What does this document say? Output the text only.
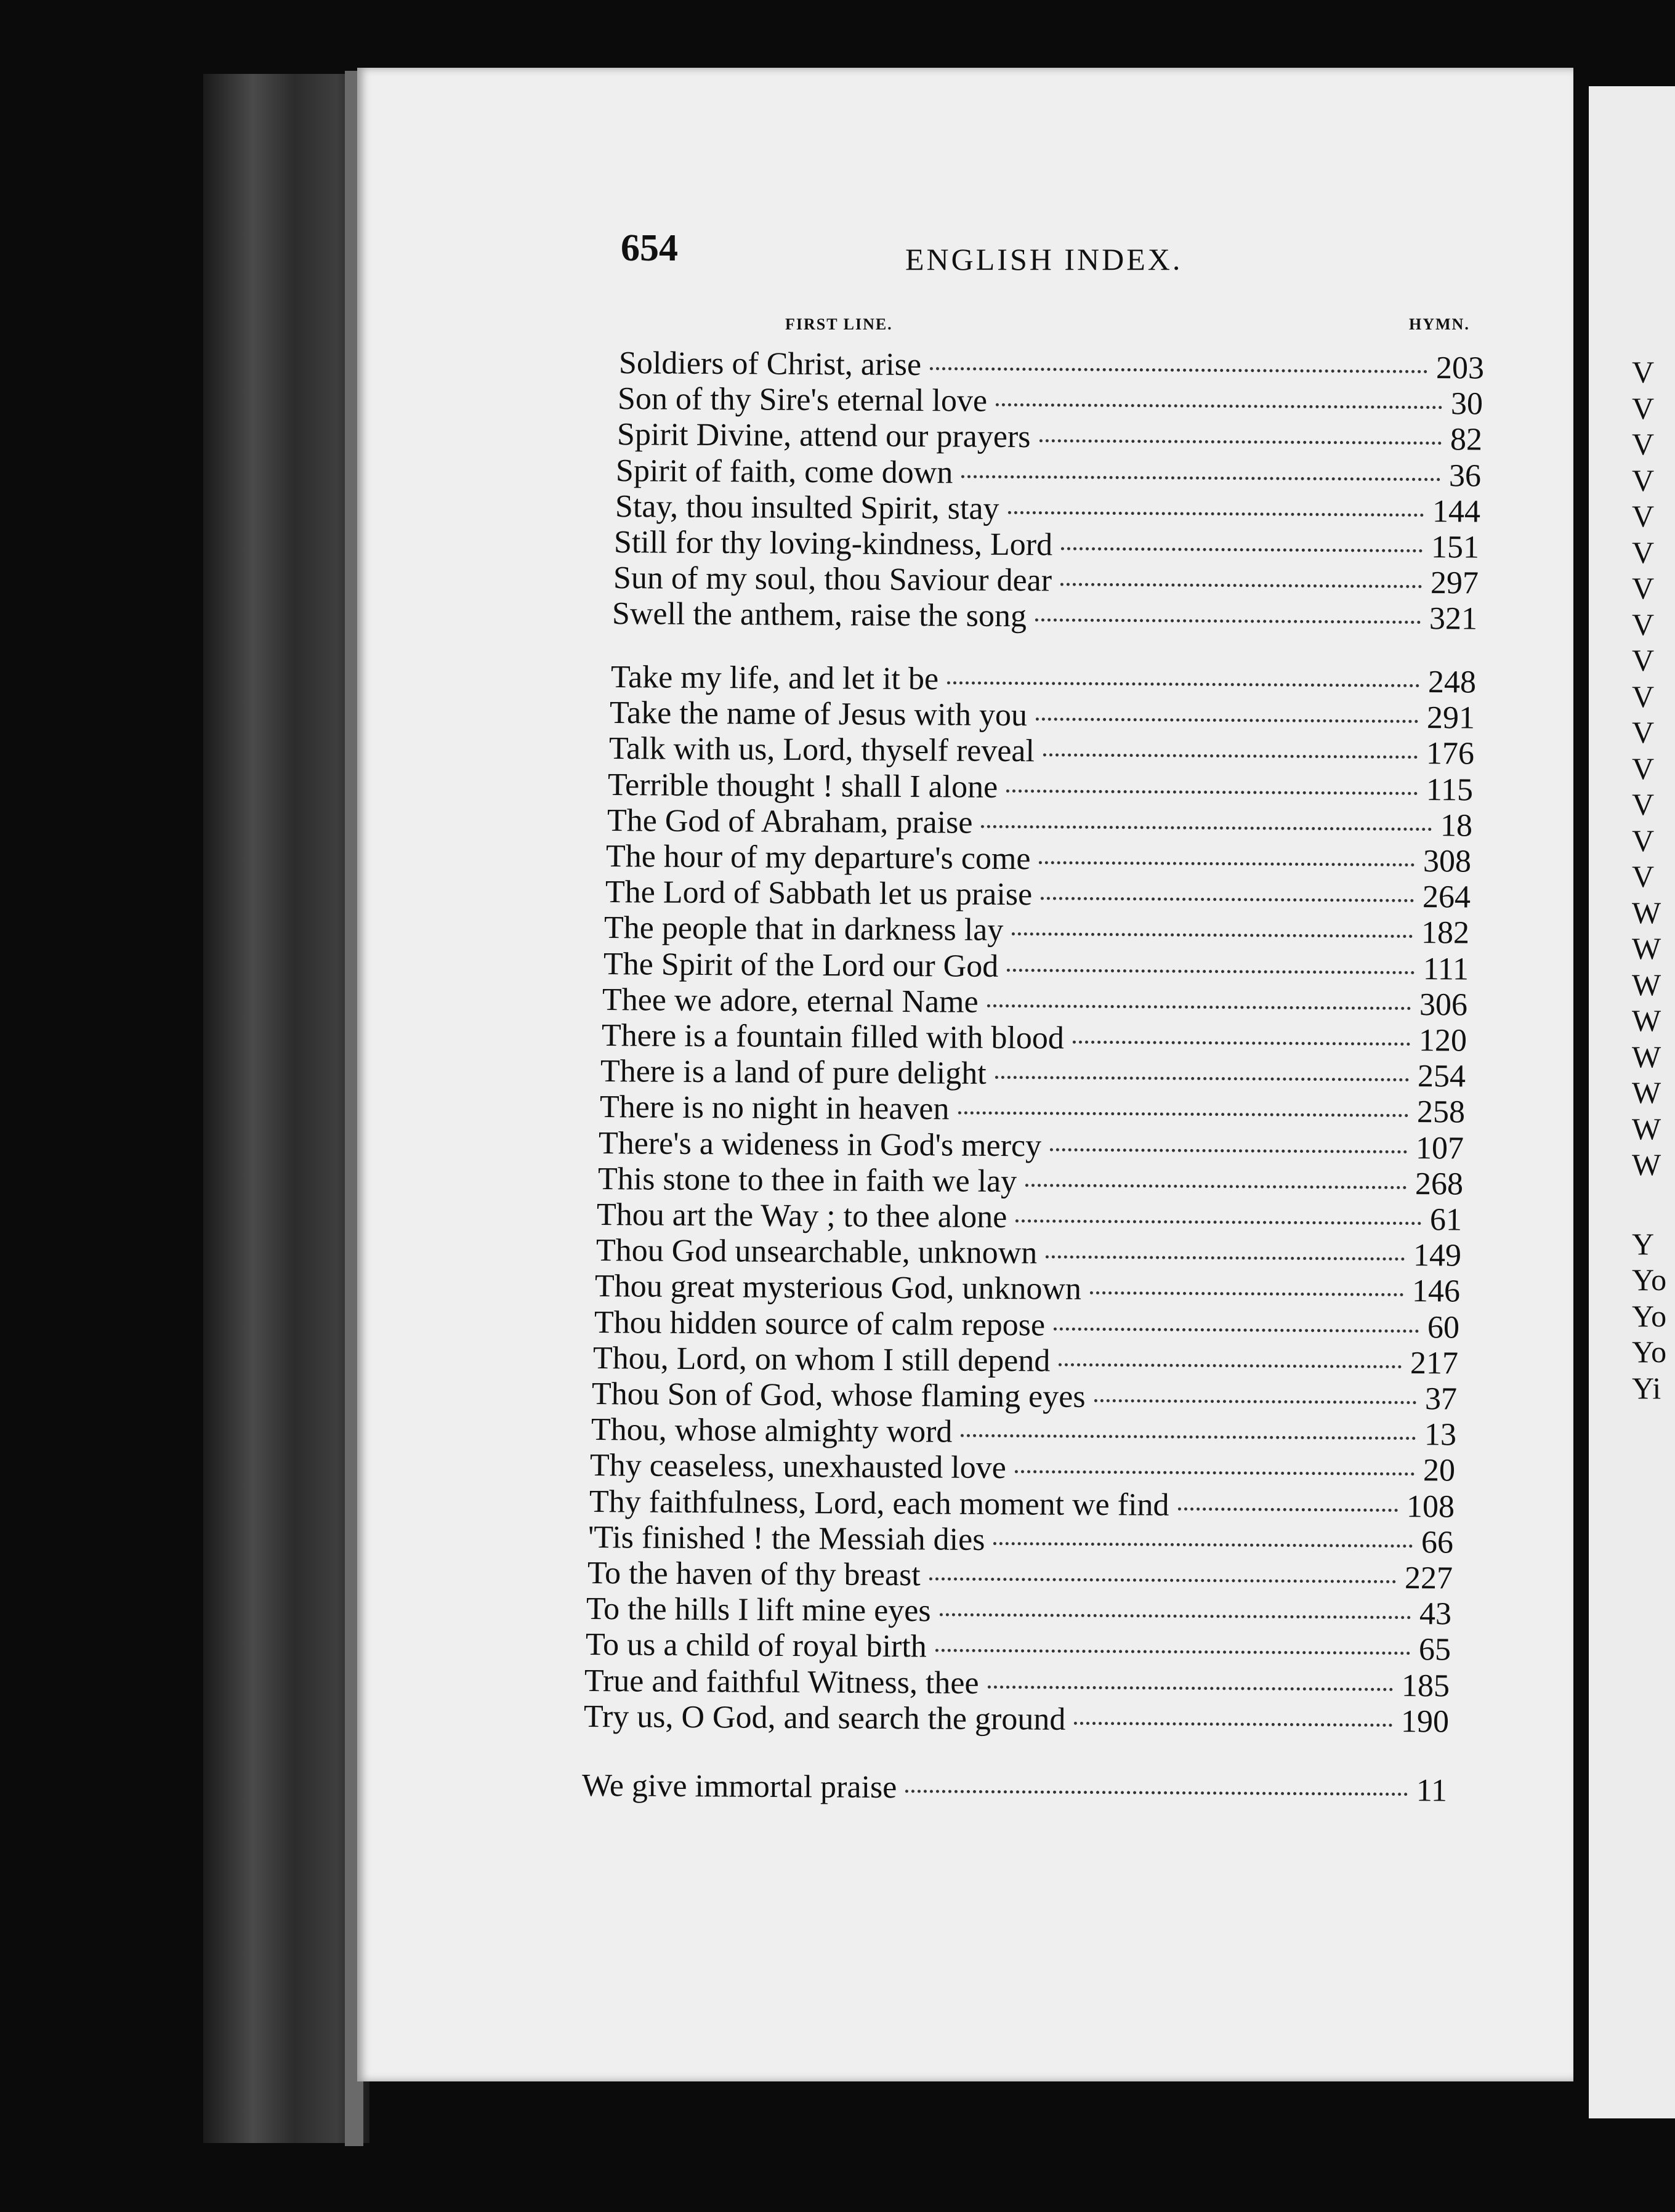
V
V
V
V
V
V
V
V
V
V
V
V
V
V
V
W
W
W
W
W
W
W
W
Y
Yo
Yo
Yo
Yi
654	ENGLISH INDEX.
FIRST LINE.	HYMN.
Soldiers of Christ, arise	203
Son of thy Sire's eternal love	30
Spirit Divine, attend our prayers	82
Spirit of faith, come down	36
Stay, thou insulted Spirit, stay	144
Still for thy loving-kindness, Lord	151
Sun of my soul, thou Saviour dear	297
Swell the anthem, raise the song	321
Take my life, and let it be	248
Take the name of Jesus with you	291
Talk with us, Lord, thyself reveal	176
Terrible thought ! shall I alone	115
The God of Abraham, praise	18
The hour of my departure's come	308
The Lord of Sabbath let us praise	264
The people that in darkness lay	182
The Spirit of the Lord our God	111
Thee we adore, eternal Name	306
There is a fountain filled with blood	120
There is a land of pure delight	254
There is no night in heaven	258
There's a wideness in God's mercy	107
This stone to thee in faith we lay	268
Thou art the Way ; to thee alone	61
Thou God unsearchable, unknown	149
Thou great mysterious God, unknown	146
Thou hidden source of calm repose	60
Thou, Lord, on whom I still depend	217
Thou Son of God, whose flaming eyes	37
Thou, whose almighty word	13
Thy ceaseless, unexhausted love	20
Thy faithfulness, Lord, each moment we find	108
'Tis finished ! the Messiah dies	66
To the haven of thy breast	227
To the hills I lift mine eyes	43
To us a child of royal birth	65
True and faithful Witness, thee	185
Try us, O God, and search the ground	190
We give immortal praise	11
